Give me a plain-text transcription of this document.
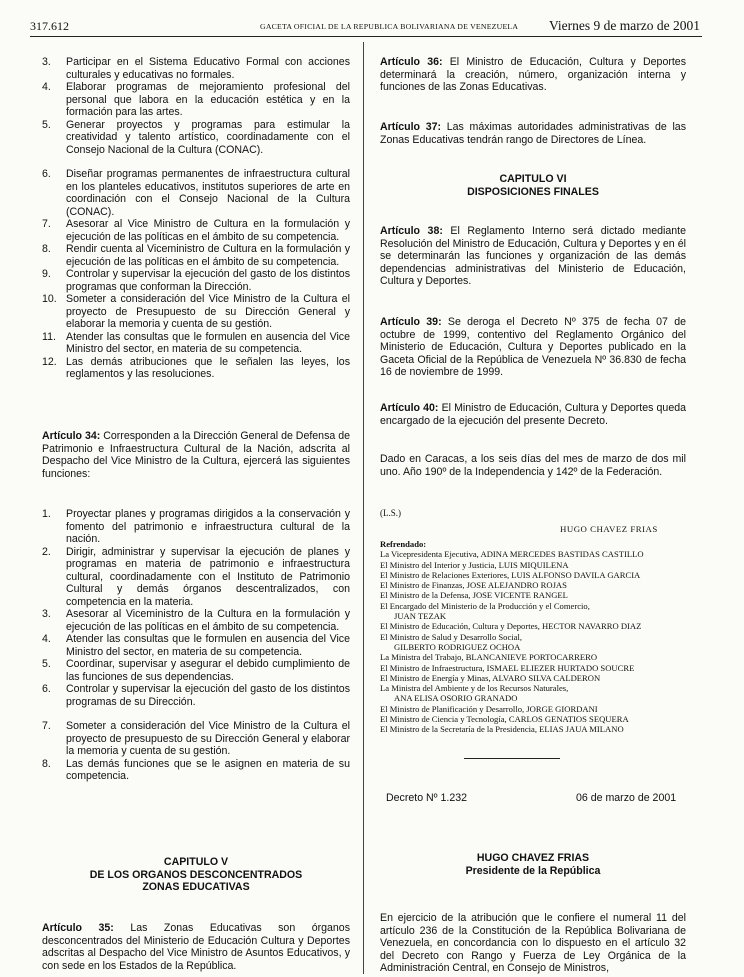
317.612	GACETA OFICIAL DE LA REPUBLICA BOLIVARIANA DE VENEZUELA Viernes 9 de marzo de 2001
3. Participar en el Sistema Educativo Formal con acciones culturales y educativas no formales.
4. Elaborar programas de mejoramiento profesional del personal que labora en la educación estética y en la formación para las artes.
5. Generar proyectos y programas para estimular la creatividad y talento artístico, coordinadamente con el Consejo Nacional de la Cultura (CONAC).
6. Diseñar programas permanentes de infraestructura cultural en los planteles educativos, institutos superiores de arte en coordinación con el Consejo Nacional de la Cultura (CONAC).
7. Asesorar al Vice Ministro de Cultura en la formulación y ejecución de las políticas en el ámbito de su competencia.
8. Rendir cuenta al Viceministro de Cultura en la formulación y ejecución de las políticas en el ámbito de su competencia.
9. Controlar y supervisar la ejecución del gasto de los distintos programas que conforman la Dirección.
10. Someter a consideración del Vice Ministro de la Cultura el proyecto de Presupuesto de su Dirección General y elaborar la memoria y cuenta de su gestión.
11. Atender las consultas que le formulen en ausencia del Vice Ministro del sector, en materia de su competencia.
12. Las demás atribuciones que le señalen las leyes, los reglamentos y las resoluciones.
Artículo 34: Corresponden a la Dirección General de Defensa de Patrimonio e Infraestructura Cultural de la Nación, adscrita al Despacho del Vice Ministro de la Cultura, ejercerá las siguientes funciones:
1. Proyectar planes y programas dirigidos a la conservación y fomento del patrimonio e infraestructura cultural de la nación.
2. Dirigir, administrar y supervisar la ejecución de planes y programas en materia de patrimonio e infraestructura cultural, coordinadamente con el Instituto de Patrimonio Cultural y demás órganos descentralizados, con competencia en la materia.
3. Asesorar al Viceministro de la Cultura en la formulación y ejecución de las políticas en el ámbito de su competencia.
4. Atender las consultas que le formulen en ausencia del Vice Ministro del sector, en materia de su competencia.
5. Coordinar, supervisar y asegurar el debido cumplimiento de las funciones de sus dependencias.
6. Controlar y supervisar la ejecución del gasto de los distintos programas de su Dirección.
7. Someter a consideración del Vice Ministro de la Cultura el proyecto de presupuesto de su Dirección General y elaborar la memoria y cuenta de su gestión.
8. Las demás funciones que se le asignen en materia de su competencia.
CAPITULO V
DE LOS ORGANOS DESCONCENTRADOS
ZONAS EDUCATIVAS
Artículo 35: Las Zonas Educativas son órganos desconcentrados del Ministerio de Educación Cultura y Deportes adscritas al Despacho del Vice Ministro de Asuntos Educativos, y con sede en los Estados de la República.
Artículo 36: El Ministro de Educación, Cultura y Deportes determinará la creación, número, organización interna y funciones de las Zonas Educativas.
Artículo 37: Las máximas autoridades administrativas de las Zonas Educativas tendrán rango de Directores de Línea.
CAPITULO VI
DISPOSICIONES FINALES
Artículo 38: El Reglamento Interno será dictado mediante Resolución del Ministro de Educación, Cultura y Deportes y en él se determinarán las funciones y organización de las demás dependencias administrativas del Ministerio de Educación, Cultura y Deportes.
Artículo 39: Se deroga el Decreto Nº 375 de fecha 07 de octubre de 1999, contentivo del Reglamento Orgánico del Ministerio de Educación, Cultura y Deportes publicado en la Gaceta Oficial de la República de Venezuela Nº 36.830 de fecha 16 de noviembre de 1999.
Artículo 40: El Ministro de Educación, Cultura y Deportes queda encargado de la ejecución del presente Decreto.
Dado en Caracas, a los seis días del mes de marzo de dos mil uno. Año 190º de la Independencia y 142º de la Federación.
(L.S.)
HUGO CHAVEZ FRIAS
Refrendado:
La Vicepresidenta Ejecutiva, ADINA MERCEDES BASTIDAS CASTILLO
El Ministro del Interior y Justicia, LUIS MIQUILENA
El Ministro de Relaciones Exteriores, LUIS ALFONSO DAVILA GARCIA
El Ministro de Finanzas, JOSE ALEJANDRO ROJAS
El Ministro de la Defensa, JOSE VICENTE RANGEL
El Encargado del Ministerio de la Producción y el Comercio,
JUAN TEZAK
El Ministro de Educación, Cultura y Deportes, HECTOR NAVARRO DIAZ
El Ministro de Salud y Desarrollo Social,
GILBERTO RODRIGUEZ OCHOA
La Ministra del Trabajo, BLANCANIEVE PORTOCARRERO
El Ministro de Infraestructura, ISMAEL ELIEZER HURTADO SOUCRE
El Ministro de Energía y Minas, ALVARO SILVA CALDERON
La Ministra del Ambiente y de los Recursos Naturales,
ANA ELISA OSORIO GRANADO
El Ministro de Planificación y Desarrollo, JORGE GIORDANI
El Ministro de Ciencia y Tecnología, CARLOS GENATIOS SEQUERA
El Ministro de la Secretaría de la Presidencia, ELIAS JAUA MILANO
Decreto Nº 1.232	06 de marzo de 2001
HUGO CHAVEZ FRIAS
Presidente de la República
En ejercicio de la atribución que le confiere el numeral 11 del artículo 236 de la Constitución de la República Bolivariana de Venezuela, en concordancia con lo dispuesto en el artículo 32 del Decreto con Rango y Fuerza de Ley Orgánica de la Administración Central, en Consejo de Ministros,
